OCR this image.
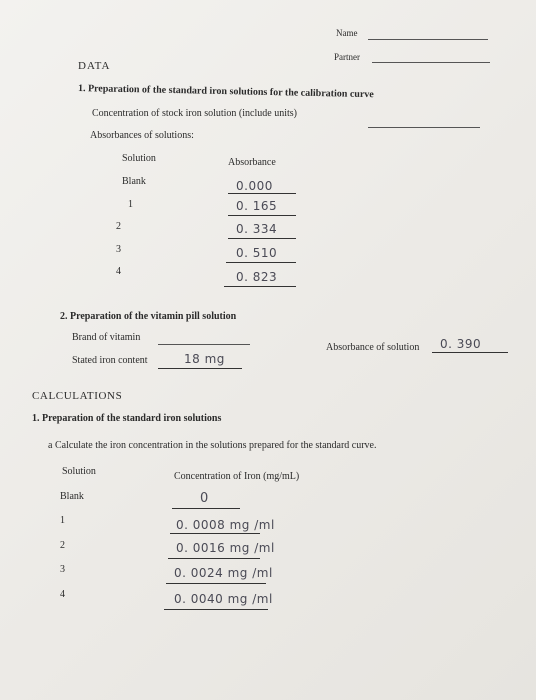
Name
Partner
DATA
1. Preparation of the standard iron solutions for the calibration curve
Concentration of stock iron solution (include units)
Absorbances of solutions:
Solution	Absorbance
Blank	0.000
1	0. 165
2	0. 334
3	0. 510
4	0. 823
2. Preparation of the vitamin pill solution
Brand of vitamin
Absorbance of solution 0. 390
Stated iron content	18 mg
CALCULATIONS
1. Preparation of the standard iron solutions
a Calculate the iron concentration in the solutions prepared for the standard curve.
Solution	Concentration of Iron (mg/mL)
Blank	0
1	0. 0008 mg /ml
2	0. 0016 mg /ml
3	0. 0024 mg /ml
4	0. 0040 mg /ml
